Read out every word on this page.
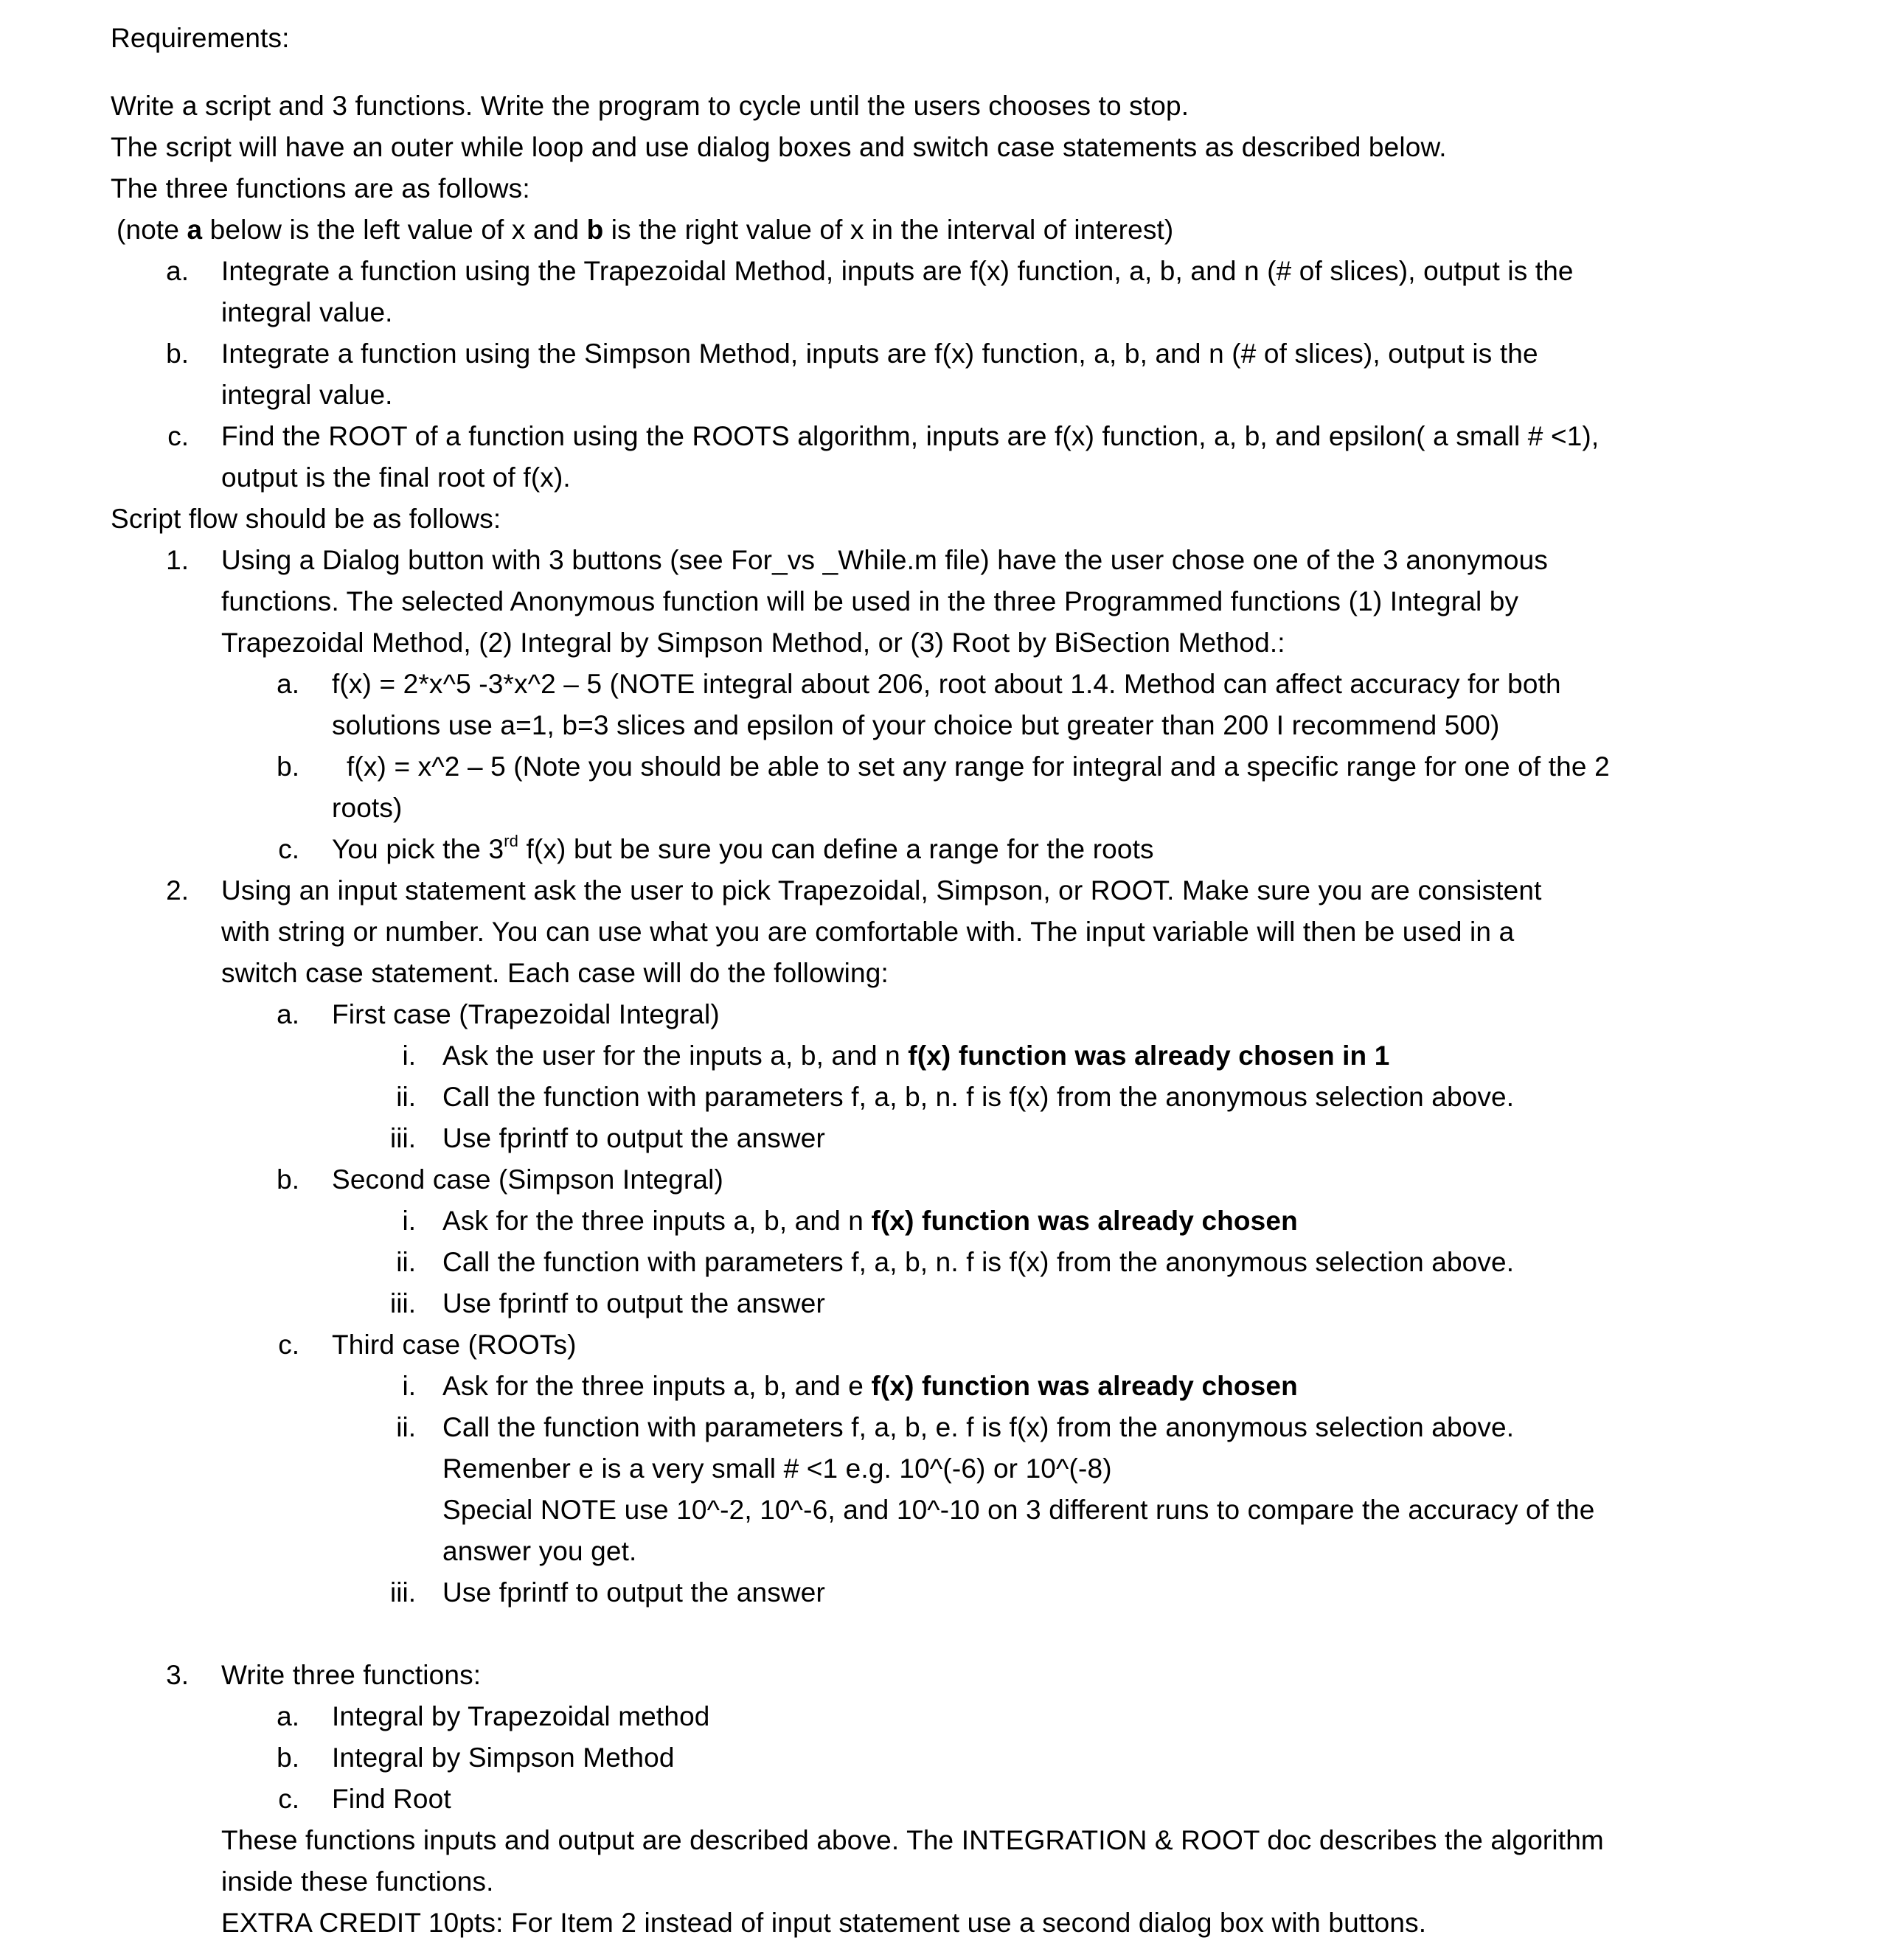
Requirements:
Write a script and 3 functions. Write the program to cycle until the users chooses to stop.
The script will have an outer while loop and use dialog boxes and switch case statements as described below.
The three functions are as follows:
(note a below is the left value of x and b is the right value of x in the interval of interest)
a. Integrate a function using the Trapezoidal Method, inputs are f(x) function, a, b, and n (# of slices), output is the
integral value.
b. Integrate a function using the Simpson Method, inputs are f(x) function, a, b, and n (# of slices), output is the
integral value.
c. Find the ROOT of a function using the ROOTS algorithm, inputs are f(x) function, a, b, and epsilon( a small # <1),
output is the final root of f(x).
Script flow should be as follows:
1. Using a Dialog button with 3 buttons (see For_vs _While.m file) have the user chose one of the 3 anonymous
functions. The selected Anonymous function will be used in the three Programmed functions (1) Integral by
Trapezoidal Method, (2) Integral by Simpson Method, or (3) Root by BiSection Method.:
a. f(x) = 2*x^5 -3*x^2 – 5 (NOTE integral about 206, root about 1.4. Method can affect accuracy for both
solutions use a=1, b=3 slices and epsilon of your choice but greater than 200 I recommend 500)
b. f(x) = x^2 – 5 (Note you should be able to set any range for integral and a specific range for one of the 2
roots)
c. You pick the 3rd f(x) but be sure you can define a range for the roots
2. Using an input statement ask the user to pick Trapezoidal, Simpson, or ROOT. Make sure you are consistent
with string or number. You can use what you are comfortable with. The input variable will then be used in a
switch case statement. Each case will do the following:
a. First case (Trapezoidal Integral)
i. Ask the user for the inputs a, b, and n f(x) function was already chosen in 1
ii. Call the function with parameters f, a, b, n. f is f(x) from the anonymous selection above.
iii. Use fprintf to output the answer
b. Second case (Simpson Integral)
i. Ask for the three inputs a, b, and n f(x) function was already chosen
ii. Call the function with parameters f, a, b, n. f is f(x) from the anonymous selection above.
iii. Use fprintf to output the answer
c. Third case (ROOTs)
i. Ask for the three inputs a, b, and e f(x) function was already chosen
ii. Call the function with parameters f, a, b, e. f is f(x) from the anonymous selection above.
Remenber e is a very small # <1 e.g. 10^(-6) or 10^(-8)
Special NOTE use 10^-2, 10^-6, and 10^-10 on 3 different runs to compare the accuracy of the
answer you get.
iii. Use fprintf to output the answer
3. Write three functions:
a. Integral by Trapezoidal method
b. Integral by Simpson Method
c. Find Root
These functions inputs and output are described above. The INTEGRATION & ROOT doc describes the algorithm
inside these functions.
EXTRA CREDIT 10pts: For Item 2 instead of input statement use a second dialog box with buttons.
